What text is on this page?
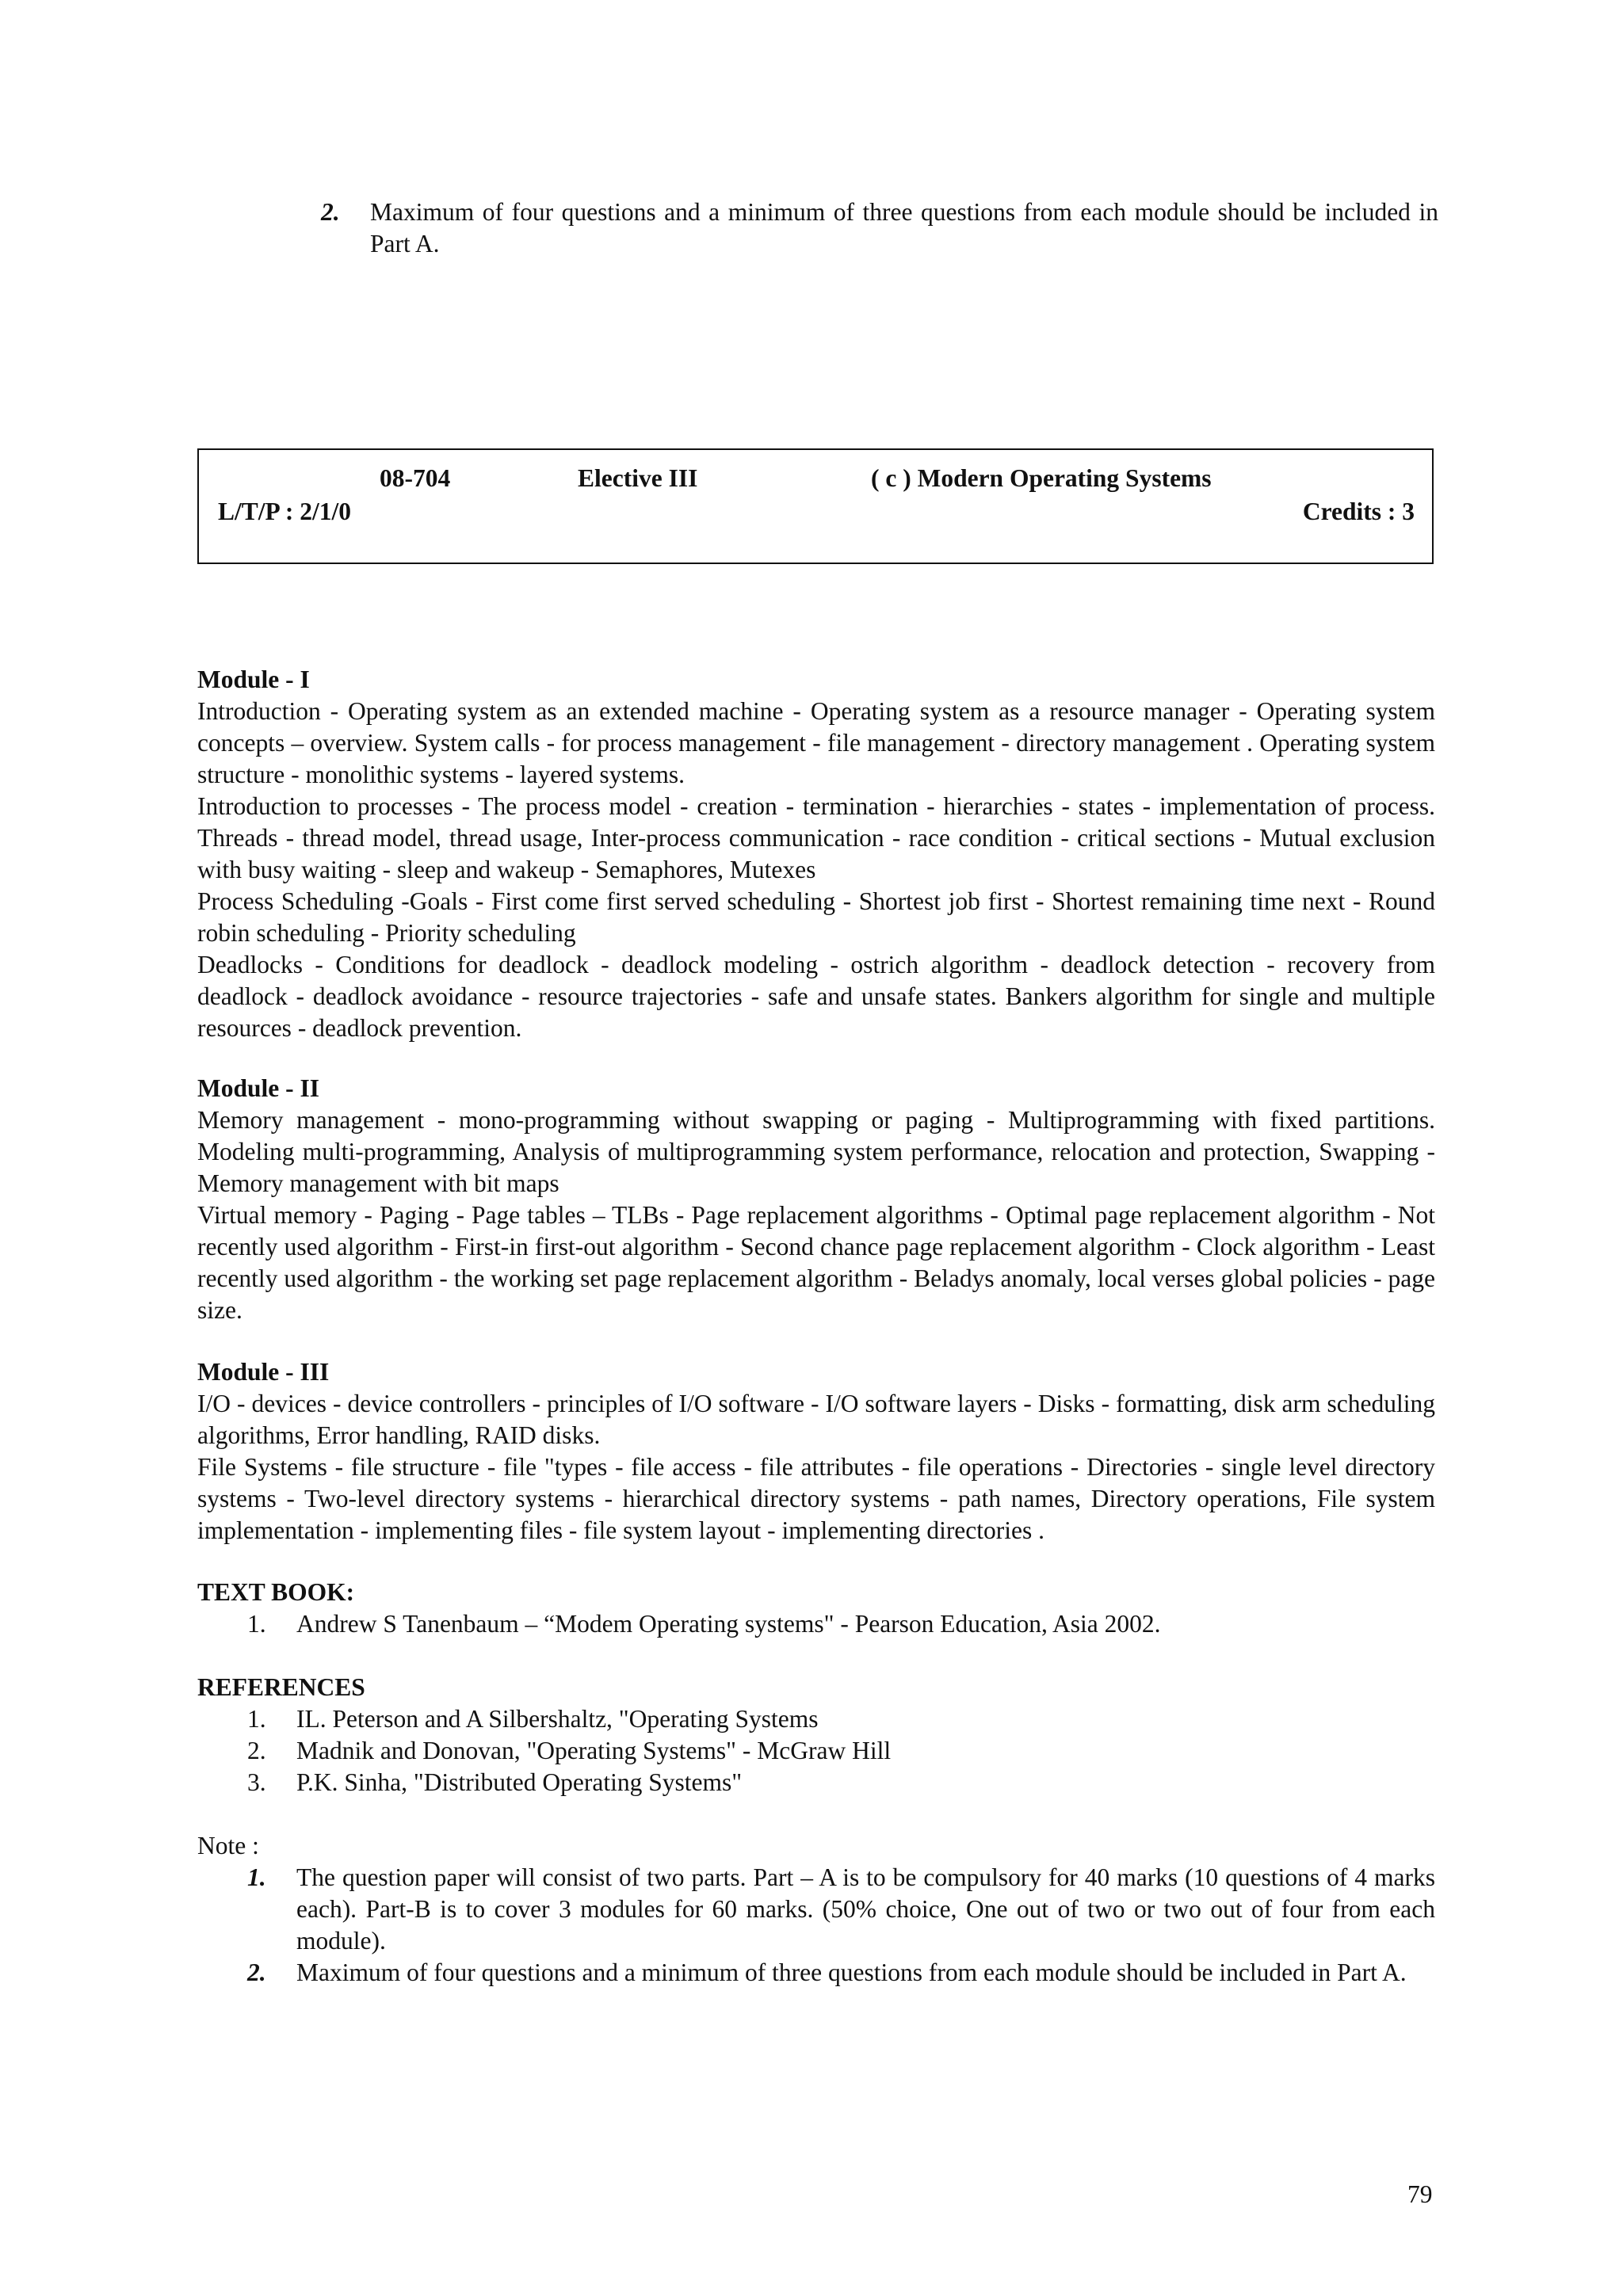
2. Maximum of four questions and a minimum of three questions from each module should be included in Part A.

08-704	Elective III	( c ) Modern Operating Systems
L/T/P : 2/1/0	Credits : 3
Module - I

Introduction - Operating system as an extended machine - Operating system as a resource manager - Operating system concepts – overview. System calls - for process management - file management - directory management . Operating system structure - monolithic systems - layered systems.

Introduction to processes - The process model - creation - termination - hierarchies - states - implementation of process. Threads - thread model, thread usage, Inter-process communication - race condition - critical sections - Mutual exclusion with busy waiting - sleep and wakeup - Semaphores, Mutexes

Process Scheduling -Goals - First come first served scheduling - Shortest job first - Shortest remaining time next - Round robin scheduling - Priority scheduling

Deadlocks - Conditions for deadlock - deadlock modeling - ostrich algorithm - deadlock detection - recovery from deadlock - deadlock avoidance - resource trajectories - safe and unsafe states. Bankers algorithm for single and multiple resources - deadlock prevention.

Module - II

Memory management - mono-programming without swapping or paging - Multiprogramming with fixed partitions. Modeling multi-programming, Analysis of multiprogramming system performance, relocation and protection, Swapping - Memory management with bit maps

Virtual memory - Paging - Page tables – TLBs - Page replacement algorithms - Optimal page replacement algorithm - Not recently used algorithm - First-in first-out algorithm - Second chance page replacement algorithm - Clock algorithm - Least recently used algorithm - the working set page replacement algorithm - Beladys anomaly, local verses global policies - page size.

Module - III

I/O - devices - device controllers - principles of I/O software - I/O software layers - Disks - formatting, disk arm scheduling algorithms, Error handling, RAID disks.

File Systems - file structure - file "types - file access - file attributes - file operations - Directories - single level directory systems - Two-level directory systems - hierarchical directory systems - path names, Directory operations, File system implementation - implementing files - file system layout - implementing directories .

TEXT BOOK:
1. Andrew S Tanenbaum – “Modem Operating systems" - Pearson Education, Asia 2002.
REFERENCES
1. IL. Peterson and A Silbershaltz, "Operating Systems
2. Madnik and Donovan, "Operating Systems" - McGraw Hill
3. P.K. Sinha, "Distributed Operating Systems"
Note :
1. The question paper will consist of two parts. Part – A is to be compulsory for 40 marks (10 questions of 4 marks each). Part-B is to cover 3 modules for 60 marks. (50% choice, One out of two or two out of four from each module).
2. Maximum of four questions and a minimum of three questions from each module should be included in Part A.
79
